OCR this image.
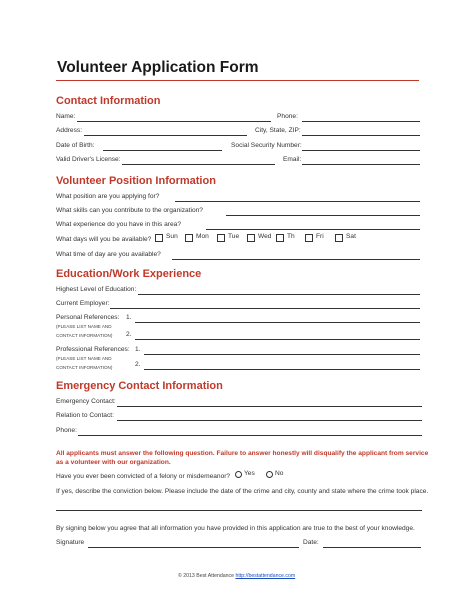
Volunteer Application Form
Contact Information
Name:	Phone:
Address:	City, State, ZIP:
Date of Birth:	Social Security Number:
Valid Driver's License:	Email:
Volunteer Position Information
What position are you applying for?
What skills can you contribute to the organization?
What experience do you have in this area?
What days will you be available? Sun	Mon	Tue	Wed Th	Fri	Sat
What time of day are you available?
Education/Work Experience
Highest Level of Education:
Current Employer:
Personal References: 1.
(PLEASE LIST NAME AND
CONTACT INFORMATION) 2.
Professional References: 1.
(PLEASE LIST NAME AND
CONTACT INFORMATION)	2.
Emergency Contact Information
Emergency Contact:
Relation to Contact:
Phone:
All applicants must answer the following question. Failure to answer honestly will disqualify the applicant from service
as a volunteer with our organization.
Have you ever been convicted of a felony or misdemeanor? Yes	No
If yes, describe the conviction below. Please include the date of the crime and city, county and state where the crime took place.
By signing below you agree that all information you have provided in this application are true to the best of your knowledge.
Signature	Date:
© 2013 Best Attendance http://bestattendance.com
